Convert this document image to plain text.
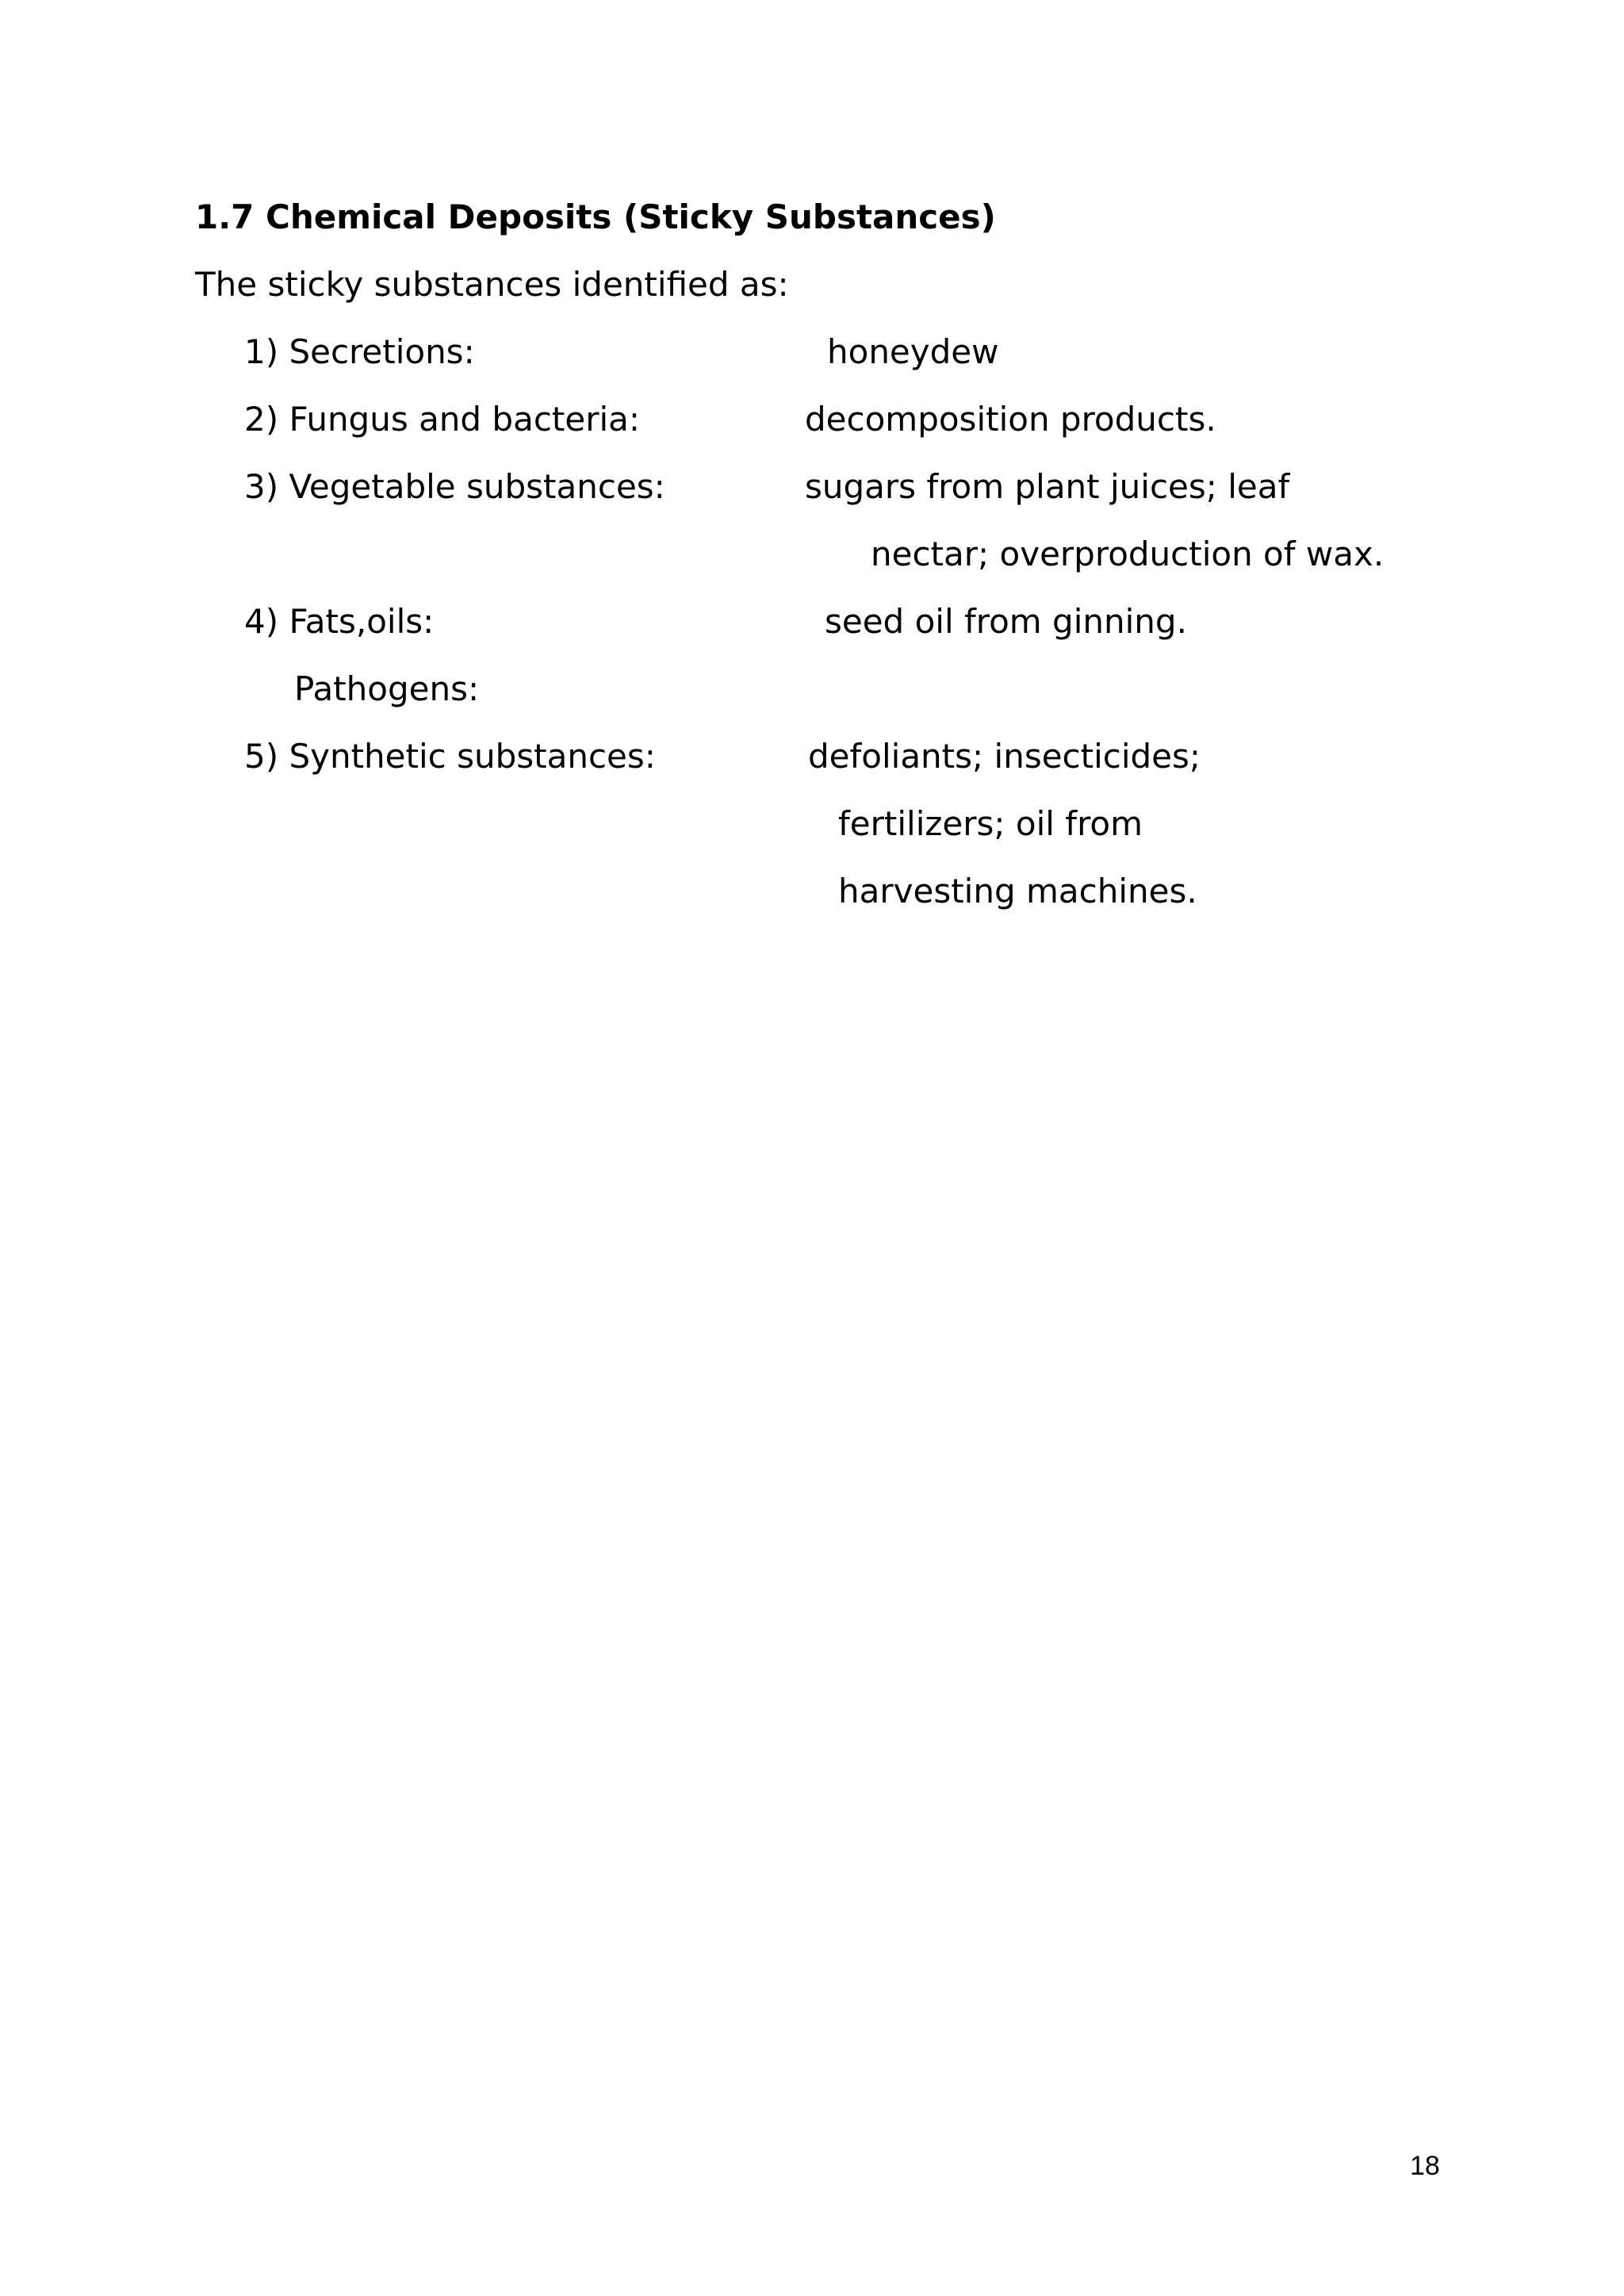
1.7 Chemical Deposits (Sticky Substances)
The sticky substances identified as:
1) Secretions:	honeydew
2) Fungus and bacteria:	decomposition products.
3) Vegetable substances:	sugars from plant juices; leaf
nectar; overproduction of wax.
4) Fats,oils:	seed oil from ginning.
Pathogens:
5) Synthetic substances:	defoliants; insecticides;
fertilizers; oil from
harvesting machines.
18
